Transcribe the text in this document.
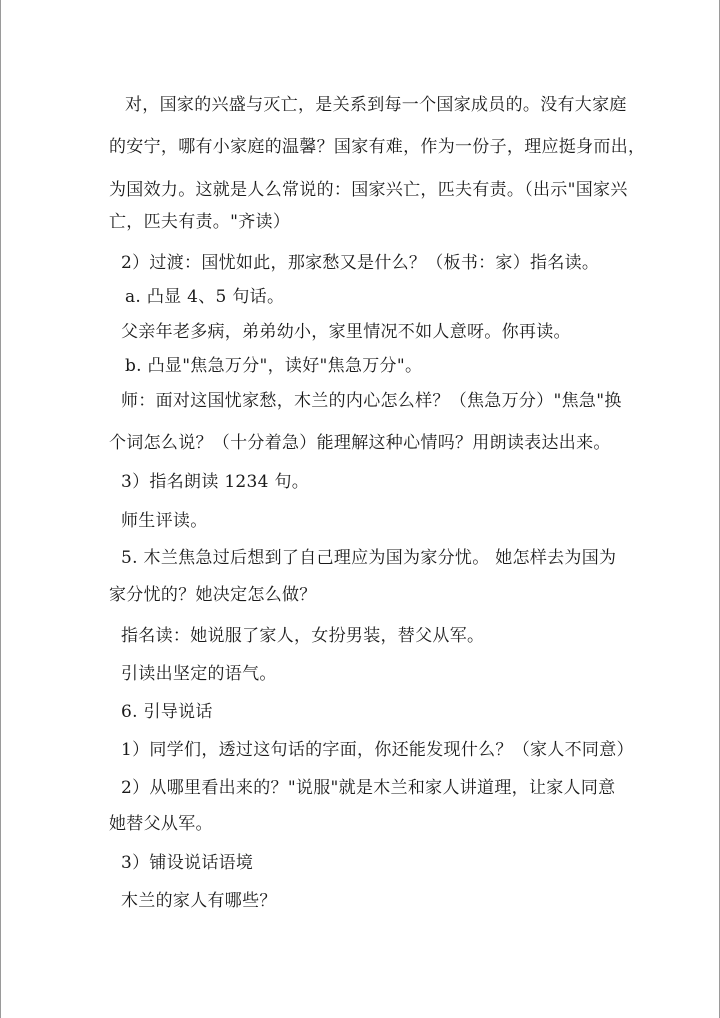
对，国家的兴盛与灭亡，是关系到每一个国家成员的。没有大家庭
的安宁，哪有小家庭的温馨？国家有难，作为一份子，理应挺身而出，
为国效力。这就是人么常说的：国家兴亡，匹夫有责。（出示"国家兴
亡，匹夫有责。"齐读）
2）过渡：国忧如此，那家愁又是什么？（板书：家）指名读。
a. 凸显 4、5 句话。
父亲年老多病，弟弟幼小，家里情况不如人意呀。你再读。
b. 凸显"焦急万分"，读好"焦急万分"。
师：面对这国忧家愁，木兰的内心怎么样？（焦急万分）"焦急"换
个词怎么说？（十分着急）能理解这种心情吗？用朗读表达出来。
3）指名朗读 1234 句。
师生评读。
5. 木兰焦急过后想到了自己理应为国为家分忧。 她怎样去为国为
家分忧的？她决定怎么做？
指名读：她说服了家人，女扮男装，替父从军。
引读出坚定的语气。
6. 引导说话
1）同学们，透过这句话的字面，你还能发现什么？（家人不同意）
2）从哪里看出来的？"说服"就是木兰和家人讲道理，让家人同意
她替父从军。
3）铺设说话语境
木兰的家人有哪些？
